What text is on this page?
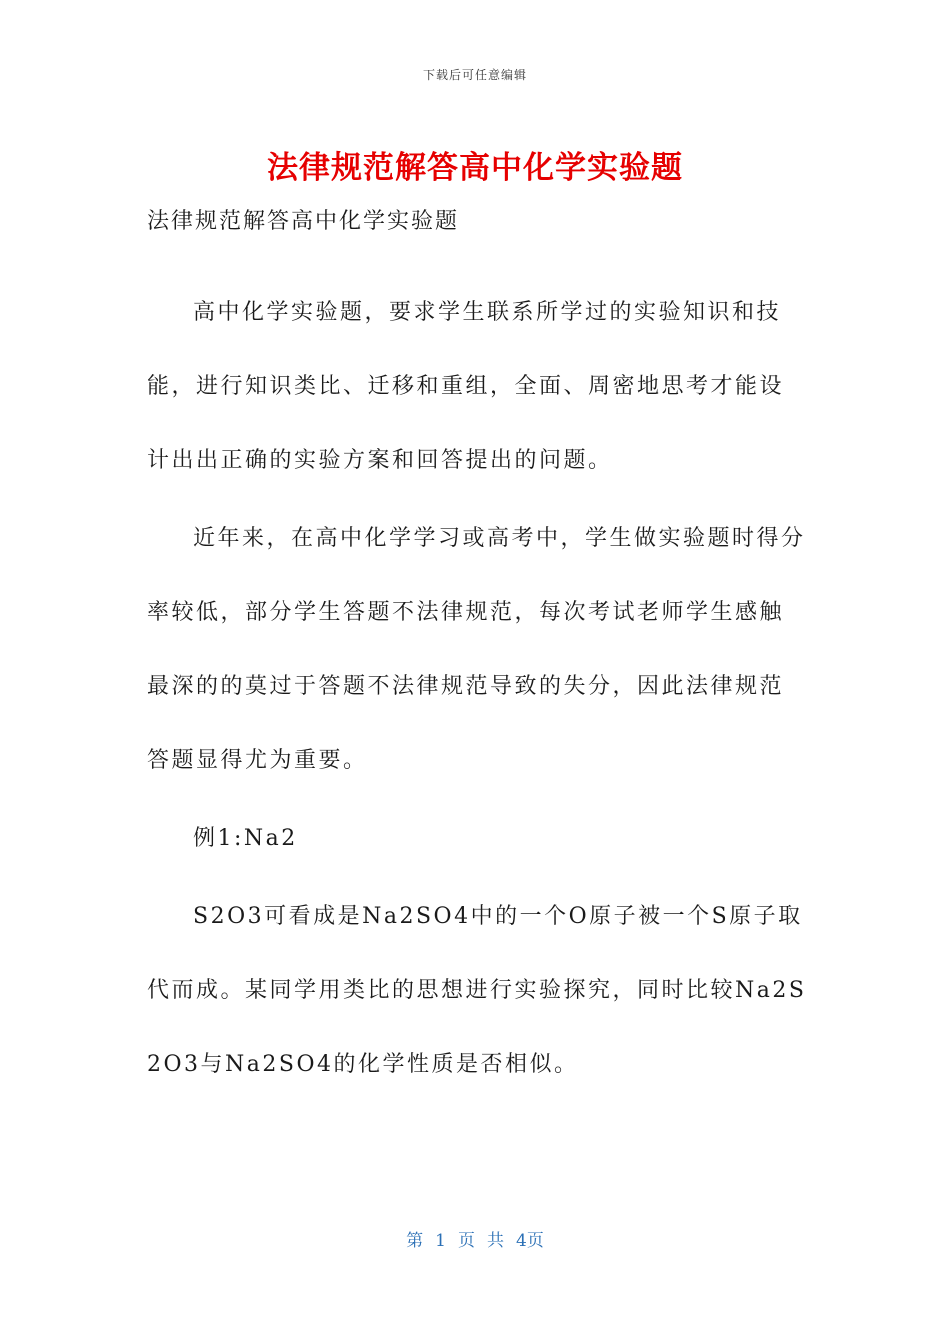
下载后可任意编辑
法律规范解答高中化学实验题
法律规范解答高中化学实验题

高中化学实验题，要求学生联系所学过的实验知识和技能，进行知识类比、迁移和重组，全面、周密地思考才能设计出出正确的实验方案和回答提出的问题。

近年来，在高中化学学习或高考中，学生做实验题时得分率较低，部分学生答题不法律规范，每次考试老师学生感触最深的的莫过于答题不法律规范导致的失分，因此法律规范答题显得尤为重要。

例1:Na2

S2O3可看成是Na2SO4中的一个O原子被一个S原子取代而成。某同学用类比的思想进行实验探究，同时比较Na2S2O3与Na2SO4的化学性质是否相似。

第 1 页 共 4页
